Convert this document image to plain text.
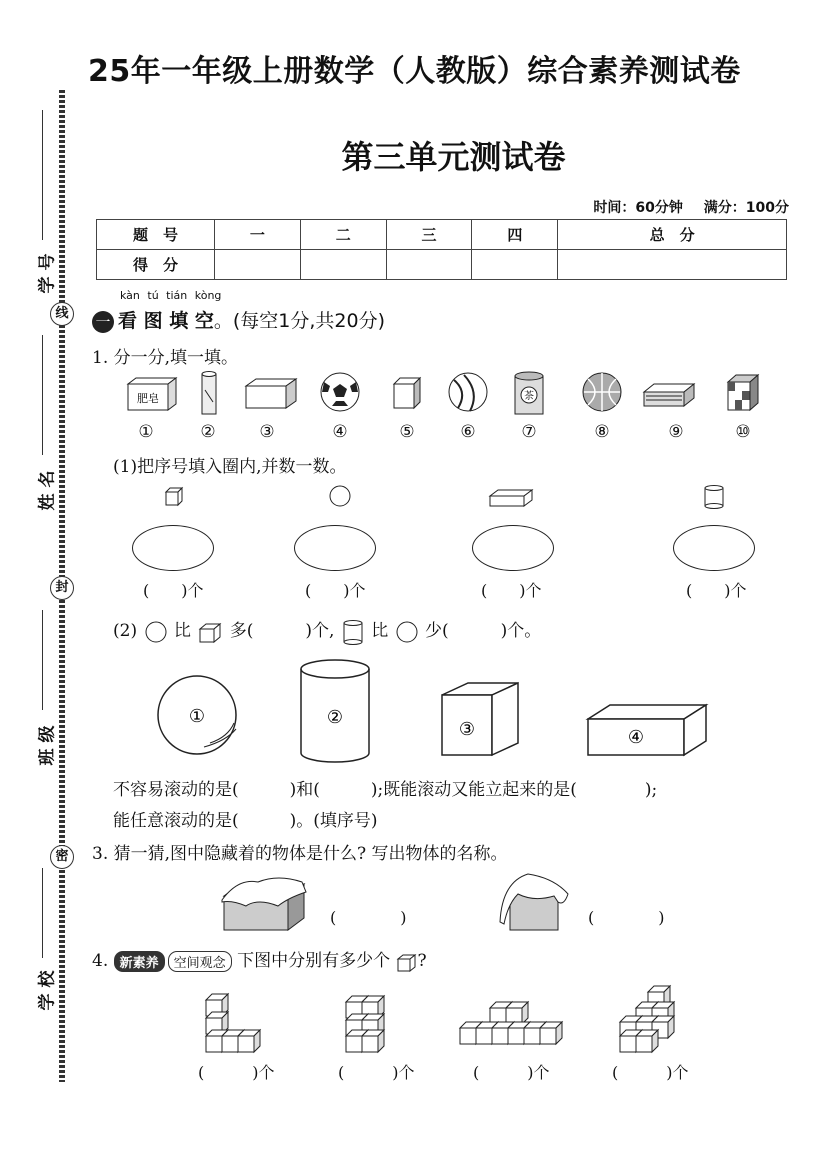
25年一年级上册数学（人教版）综合素养测试卷
第三单元测试卷
时间：60分钟 满分：100分
题　号	一	二	三	四	总　分
得　分					
学号
姓名
班级
学校
线
封
密
kàn tú tián kòng
一 看 图 填 空。(每空1分,共20分)
1. 分一分,填一填。
肥皂	茶
①	②	③	④	⑤	⑥	⑦	⑧	⑨	⑩
(1)把序号填入圈内,并数一数。
(　　)个	(　　)个	(　　)个	(　　)个
(2) 比 多(	)个, 比 少(	)个。
①	②
③	④
不容易滚动的是(　　　)和(　　　);既能滚动又能立起来的是(　　　　);
能任意滚动的是(　　　)。(填序号)
3. 猜一猜,图中隐藏着的物体是什么? 写出物体的名称。
(　　　　)	(　　　　)
4. 新素养 空间观念 下图中分别有多少个 ?
(　　　)个	(　　　)个	(　　　)个	(　　　)个
